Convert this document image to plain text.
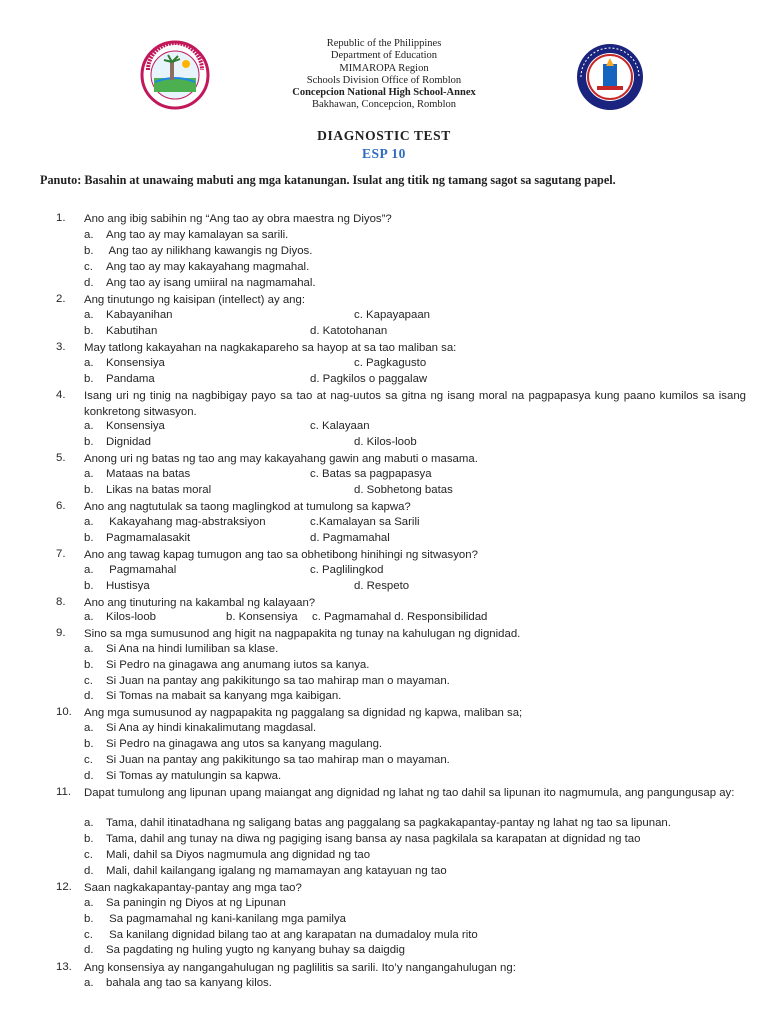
Republic of the Philippines
Department of Education
MIMAROPA Region
Schools Division Office of Romblon
Concepcion National High School-Annex
Bakhawan, Concepcion, Romblon
DIAGNOSTIC TEST
ESP 10
Panuto: Basahin at unawaing mabuti ang mga katanungan. Isulat ang titik ng tamang sagot sa sagutang papel.
1.	Ano ang ibig sabihin ng “Ang tao ay obra maestra ng Diyos”?
a. Ang tao ay may kamalayan sa sarili.
b. Ang tao ay nilikhang kawangis ng Diyos.
c. Ang tao ay may kakayahang magmahal.
d. Ang tao ay isang umiiral na nagmamahal.
2.	Ang tinutungo ng kaisipan (intellect) ay ang:
a. Kabayanihan	c. Kapayapaan
b. Kabutihan	d. Katotohanan
3.	May tatlong kakayahan na nagkakapareho sa hayop at sa tao maliban sa:
a. Konsensiya	c. Pagkagusto
b. Pandama	d. Pagkilos o paggalaw
4.	Isang uri ng tinig na nagbibigay payo sa tao at nag-uutos sa gitna ng isang moral na pagpapasya kung paano kumilos sa isang konkretong sitwasyon.
a. Konsensiya	c. Kalayaan
b. Dignidad	d. Kilos-loob
5.	Anong uri ng batas ng tao ang may kakayahang gawin ang mabuti o masama.
a. Mataas na batas	c. Batas sa pagpapasya
b. Likas na batas moral	d. Sobhetong batas
6.	Ano ang nagtutulak sa taong maglingkod at tumulong sa kapwa?
a. Kakayahang mag-abstraksiyon	c.Kamalayan sa Sarili
b. Pagmamalasakit	d. Pagmamahal
7.	Ano ang tawag kapag tumugon ang tao sa obhetibong hinihingi ng sitwasyon?
a. Pagmamahal	c. Paglilingkod
b. Hustisya	d. Respeto
8.	Ano ang tinuturing na kakambal ng kalayaan?
a. Kilos-loob	b. Konsensiya c. Pagmamahal d. Responsibilidad
9.	Sino sa mga sumusunod ang higit na nagpapakita ng tunay na kahulugan ng dignidad.
a. Si Ana na hindi lumiliban sa klase.
b. Si Pedro na ginagawa ang anumang iutos sa kanya.
c. Si Juan na pantay ang pakikitungo sa tao mahirap man o mayaman.
d. Si Tomas na mabait sa kanyang mga kaibigan.
10.	Ang mga sumusunod ay nagpapakita ng paggalang sa dignidad ng kapwa, maliban sa;
a. Si Ana ay hindi kinakalimutang magdasal.
b. Si Pedro na ginagawa ang utos sa kanyang magulang.
c. Si Juan na pantay ang pakikitungo sa tao mahirap man o mayaman.
d. Si Tomas ay matulungin sa kapwa.
11.	Dapat tumulong ang lipunan upang maiangat ang dignidad ng lahat ng tao dahil sa lipunan ito nagmumula, ang pangungusap ay:
a. Tama, dahil itinatadhana ng saligang batas ang paggalang sa pagkakapantay-pantay ng lahat ng tao sa lipunan.
b. Tama, dahil ang tunay na diwa ng pagiging isang bansa ay nasa pagkilala sa karapatan at dignidad ng tao
c. Mali, dahil sa Diyos nagmumula ang dignidad ng tao
d. Mali, dahil kailangang igalang ng mamamayan ang katayuan ng tao
12.	Saan nagkakapantay-pantay ang mga tao?
a. Sa paningin ng Diyos at ng Lipunan
b. Sa pagmamahal ng kani-kanilang mga pamilya
c. Sa kanilang dignidad bilang tao at ang karapatan na dumadaloy mula rito
d. Sa pagdating ng huling yugto ng kanyang buhay sa daigdig
13.	Ang konsensiya ay nangangahulugan ng paglilitis sa sarili. Ito’y nangangahulugan ng:
a. bahala ang tao sa kanyang kilos.
